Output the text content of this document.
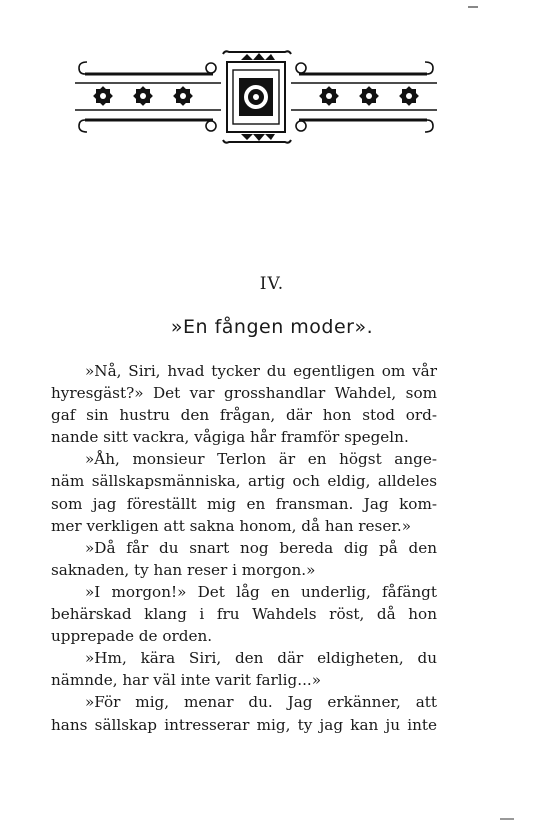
IV.
»En fången moder».
»Nå, Siri, hvad tycker du egentligen om vår
hyresgäst?» Det var grosshandlar Wahdel, som
gaf sin hustru den frågan, där hon stod ord-
nande sitt vackra, vågiga hår framför spegeln.
»Åh, monsieur Terlon är en högst ange-
näm sällskapsmänniska, artig och eldig, alldeles
som jag föreställt mig en fransman. Jag kom-
mer verkligen att sakna honom, då han reser.»
»Då får du snart nog bereda dig på den
saknaden, ty han reser i morgon.»
»I morgon!» Det låg en underlig, fåfängt
behärskad klang i fru Wahdels röst, då hon
upprepade de orden.
»Hm, kära Siri, den där eldigheten, du
nämnde, har väl inte varit farlig...»
»För mig, menar du. Jag erkänner, att
hans sällskap intresserar mig, ty jag kan ju inte
